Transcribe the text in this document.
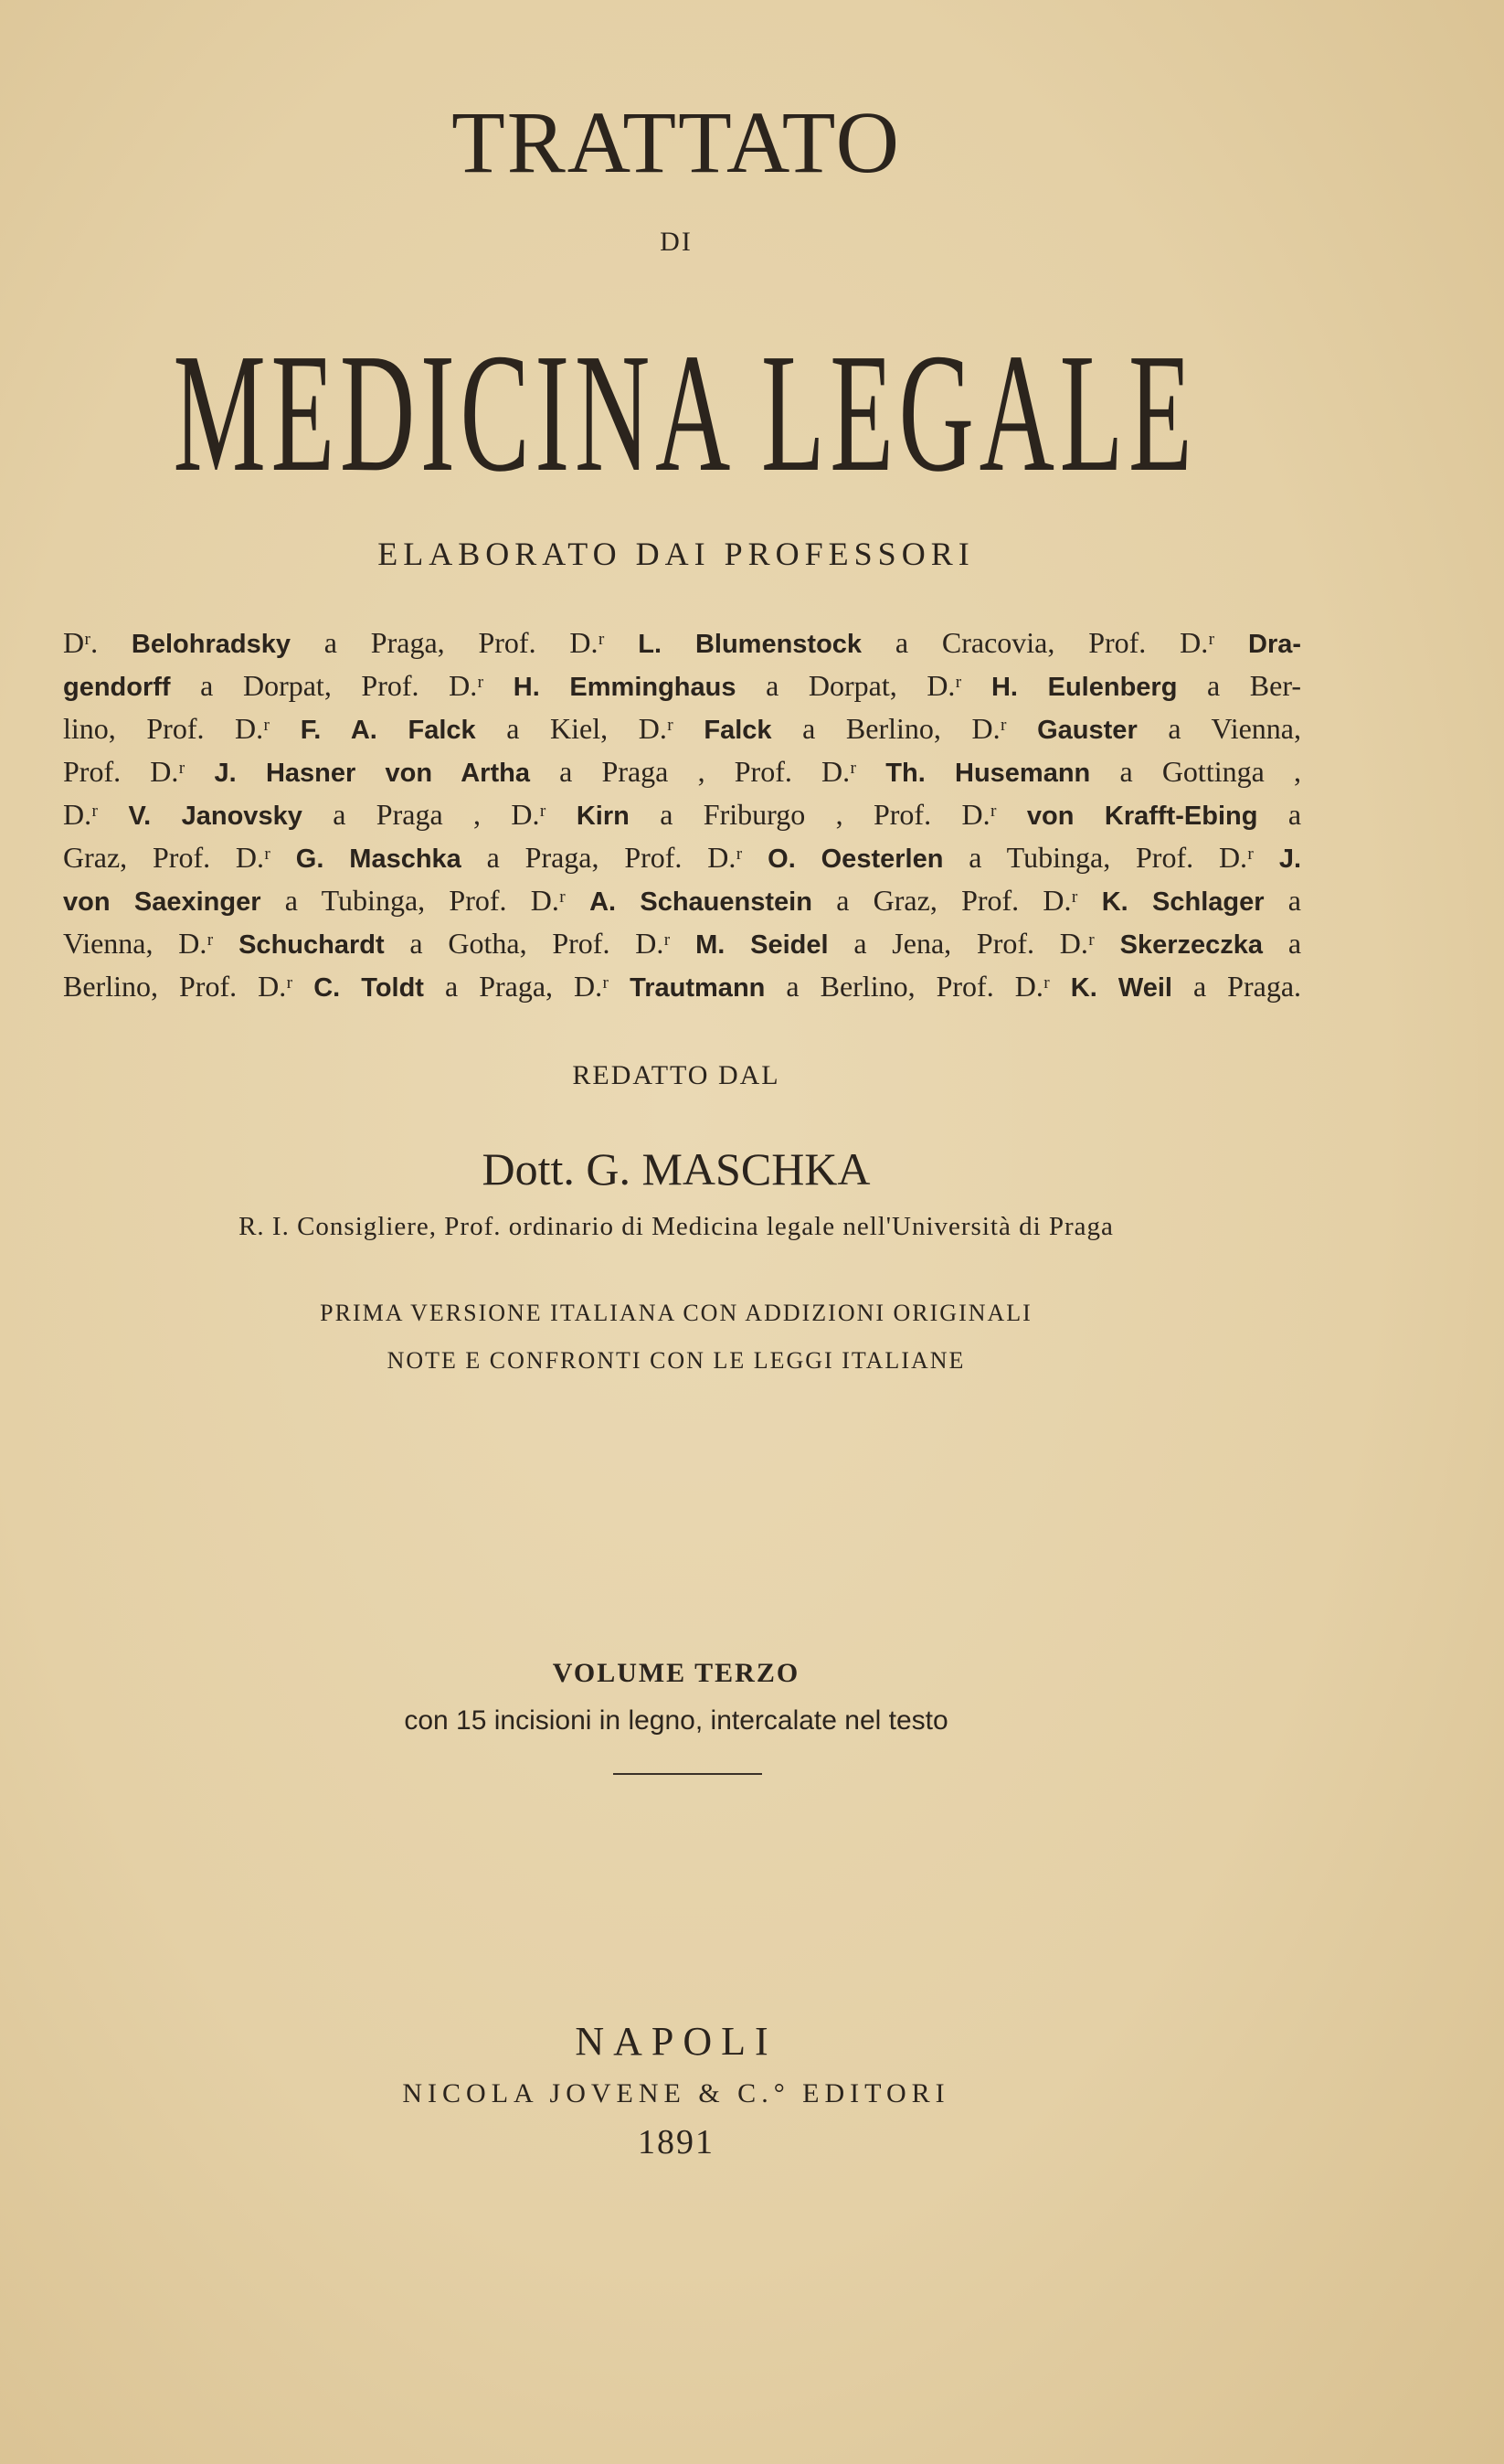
TRATTATO
DI
MEDICINA LEGALE
ELABORATO DAI PROFESSORI
Dʳ. Belohradsky a Praga, Prof. D.ʳ L. Blumenstock a Cracovia, Prof. D.ʳ Dra-
gendorff a Dorpat, Prof. D.ʳ H. Emminghaus a Dorpat, D.ʳ H. Eulenberg a Ber-
lino, Prof. D.ʳ F. A. Falck a Kiel, D.ʳ Falck a Berlino, D.ʳ Gauster a Vienna,
Prof. D.ʳ J. Hasner von Artha a Praga , Prof. D.ʳ Th. Husemann a Gottinga ,
D.ʳ V. Janovsky a Praga , D.ʳ Kirn a Friburgo , Prof. D.ʳ von Krafft-Ebing a
Graz, Prof. D.ʳ G. Maschka a Praga, Prof. D.ʳ O. Oesterlen a Tubinga, Prof. D.ʳ J.
von Saexinger a Tubinga, Prof. D.ʳ A. Schauenstein a Graz, Prof. D.ʳ K. Schlager a
Vienna, D.ʳ Schuchardt a Gotha, Prof. D.ʳ M. Seidel a Jena, Prof. D.ʳ Skerzeczka a
Berlino, Prof. D.ʳ C. Toldt a Praga, D.ʳ Trautmann a Berlino, Prof. D.ʳ K. Weil a Praga.
REDATTO DAL
Dott. G. MASCHKA
R. I. Consigliere, Prof. ordinario di Medicina legale nell'Università di Praga
PRIMA VERSIONE ITALIANA CON ADDIZIONI ORIGINALI
NOTE E CONFRONTI CON LE LEGGI ITALIANE
VOLUME TERZO
con 15 incisioni in legno, intercalate nel testo
NAPOLI
NICOLA JOVENE & C.° EDITORI
1891
